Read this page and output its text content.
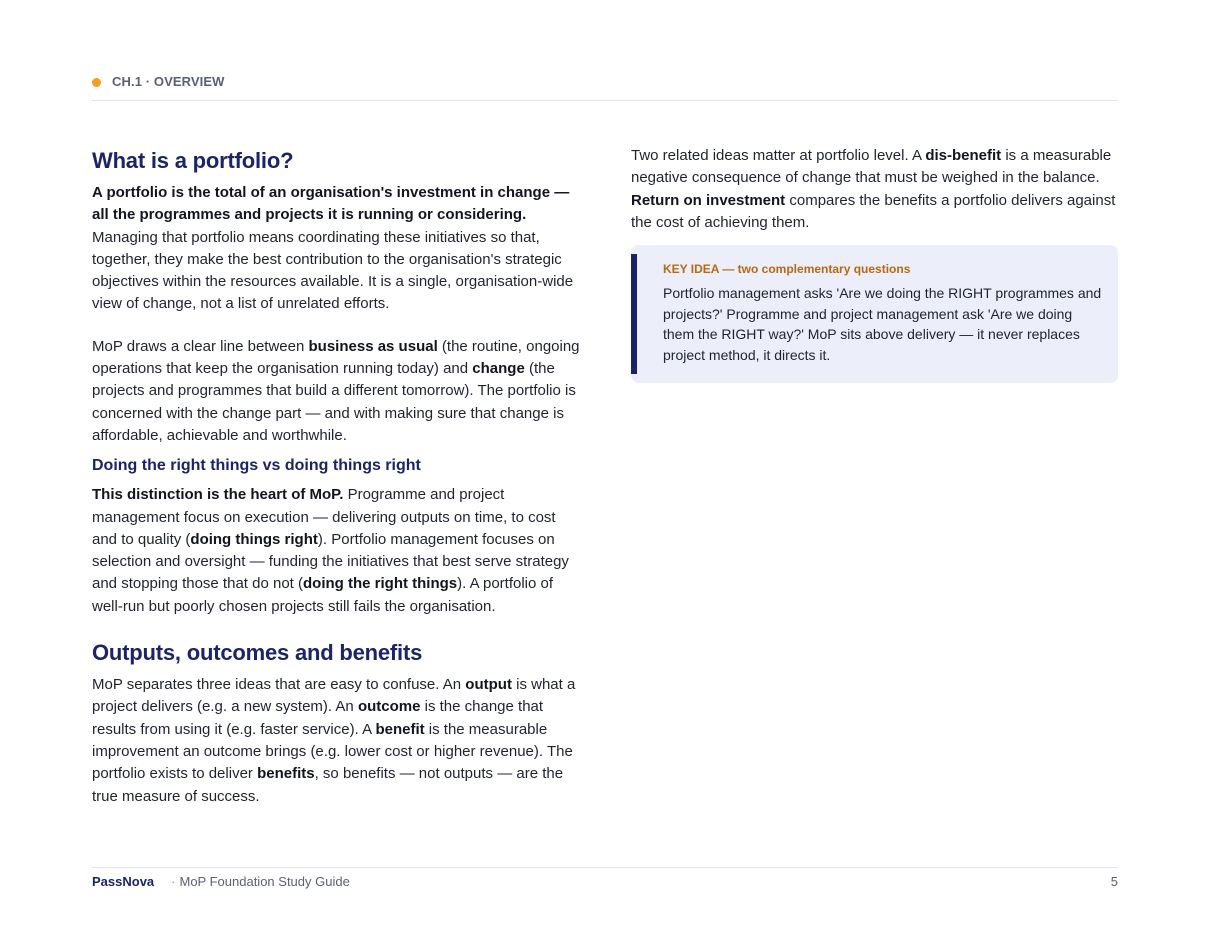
CH.1 · OVERVIEW
What is a portfolio?

A portfolio is the total of an organisation's investment in change — all the programmes and projects it is running or considering. Managing that portfolio means coordinating these initiatives so that, together, they make the best contribution to the organisation's strategic objectives within the resources available. It is a single, organisation-wide view of change, not a list of unrelated efforts.

MoP draws a clear line between business as usual (the routine, ongoing operations that keep the organisation running today) and change (the projects and programmes that build a different tomorrow). The portfolio is concerned with the change part — and with making sure that change is affordable, achievable and worthwhile.

Doing the right things vs doing things right

This distinction is the heart of MoP. Programme and project management focus on execution — delivering outputs on time, to cost and to quality (doing things right). Portfolio management focuses on selection and oversight — funding the initiatives that best serve strategy and stopping those that do not (doing the right things). A portfolio of well-run but poorly chosen projects still fails the organisation.

Outputs, outcomes and benefits

MoP separates three ideas that are easy to confuse. An output is what a project delivers (e.g. a new system). An outcome is the change that results from using it (e.g. faster service). A benefit is the measurable improvement an outcome brings (e.g. lower cost or higher revenue). The portfolio exists to deliver benefits, so benefits — not outputs — are the true measure of success.

Two related ideas matter at portfolio level. A dis-benefit is a measurable negative consequence of change that must be weighed in the balance. Return on investment compares the benefits a portfolio delivers against the cost of achieving them.

KEY IDEA — two complementary questions
Portfolio management asks 'Are we doing the RIGHT programmes and projects?' Programme and project management ask 'Are we doing them the RIGHT way?' MoP sits above delivery — it never replaces project method, it directs it.
PassNova · MoP Foundation Study Guide	5
